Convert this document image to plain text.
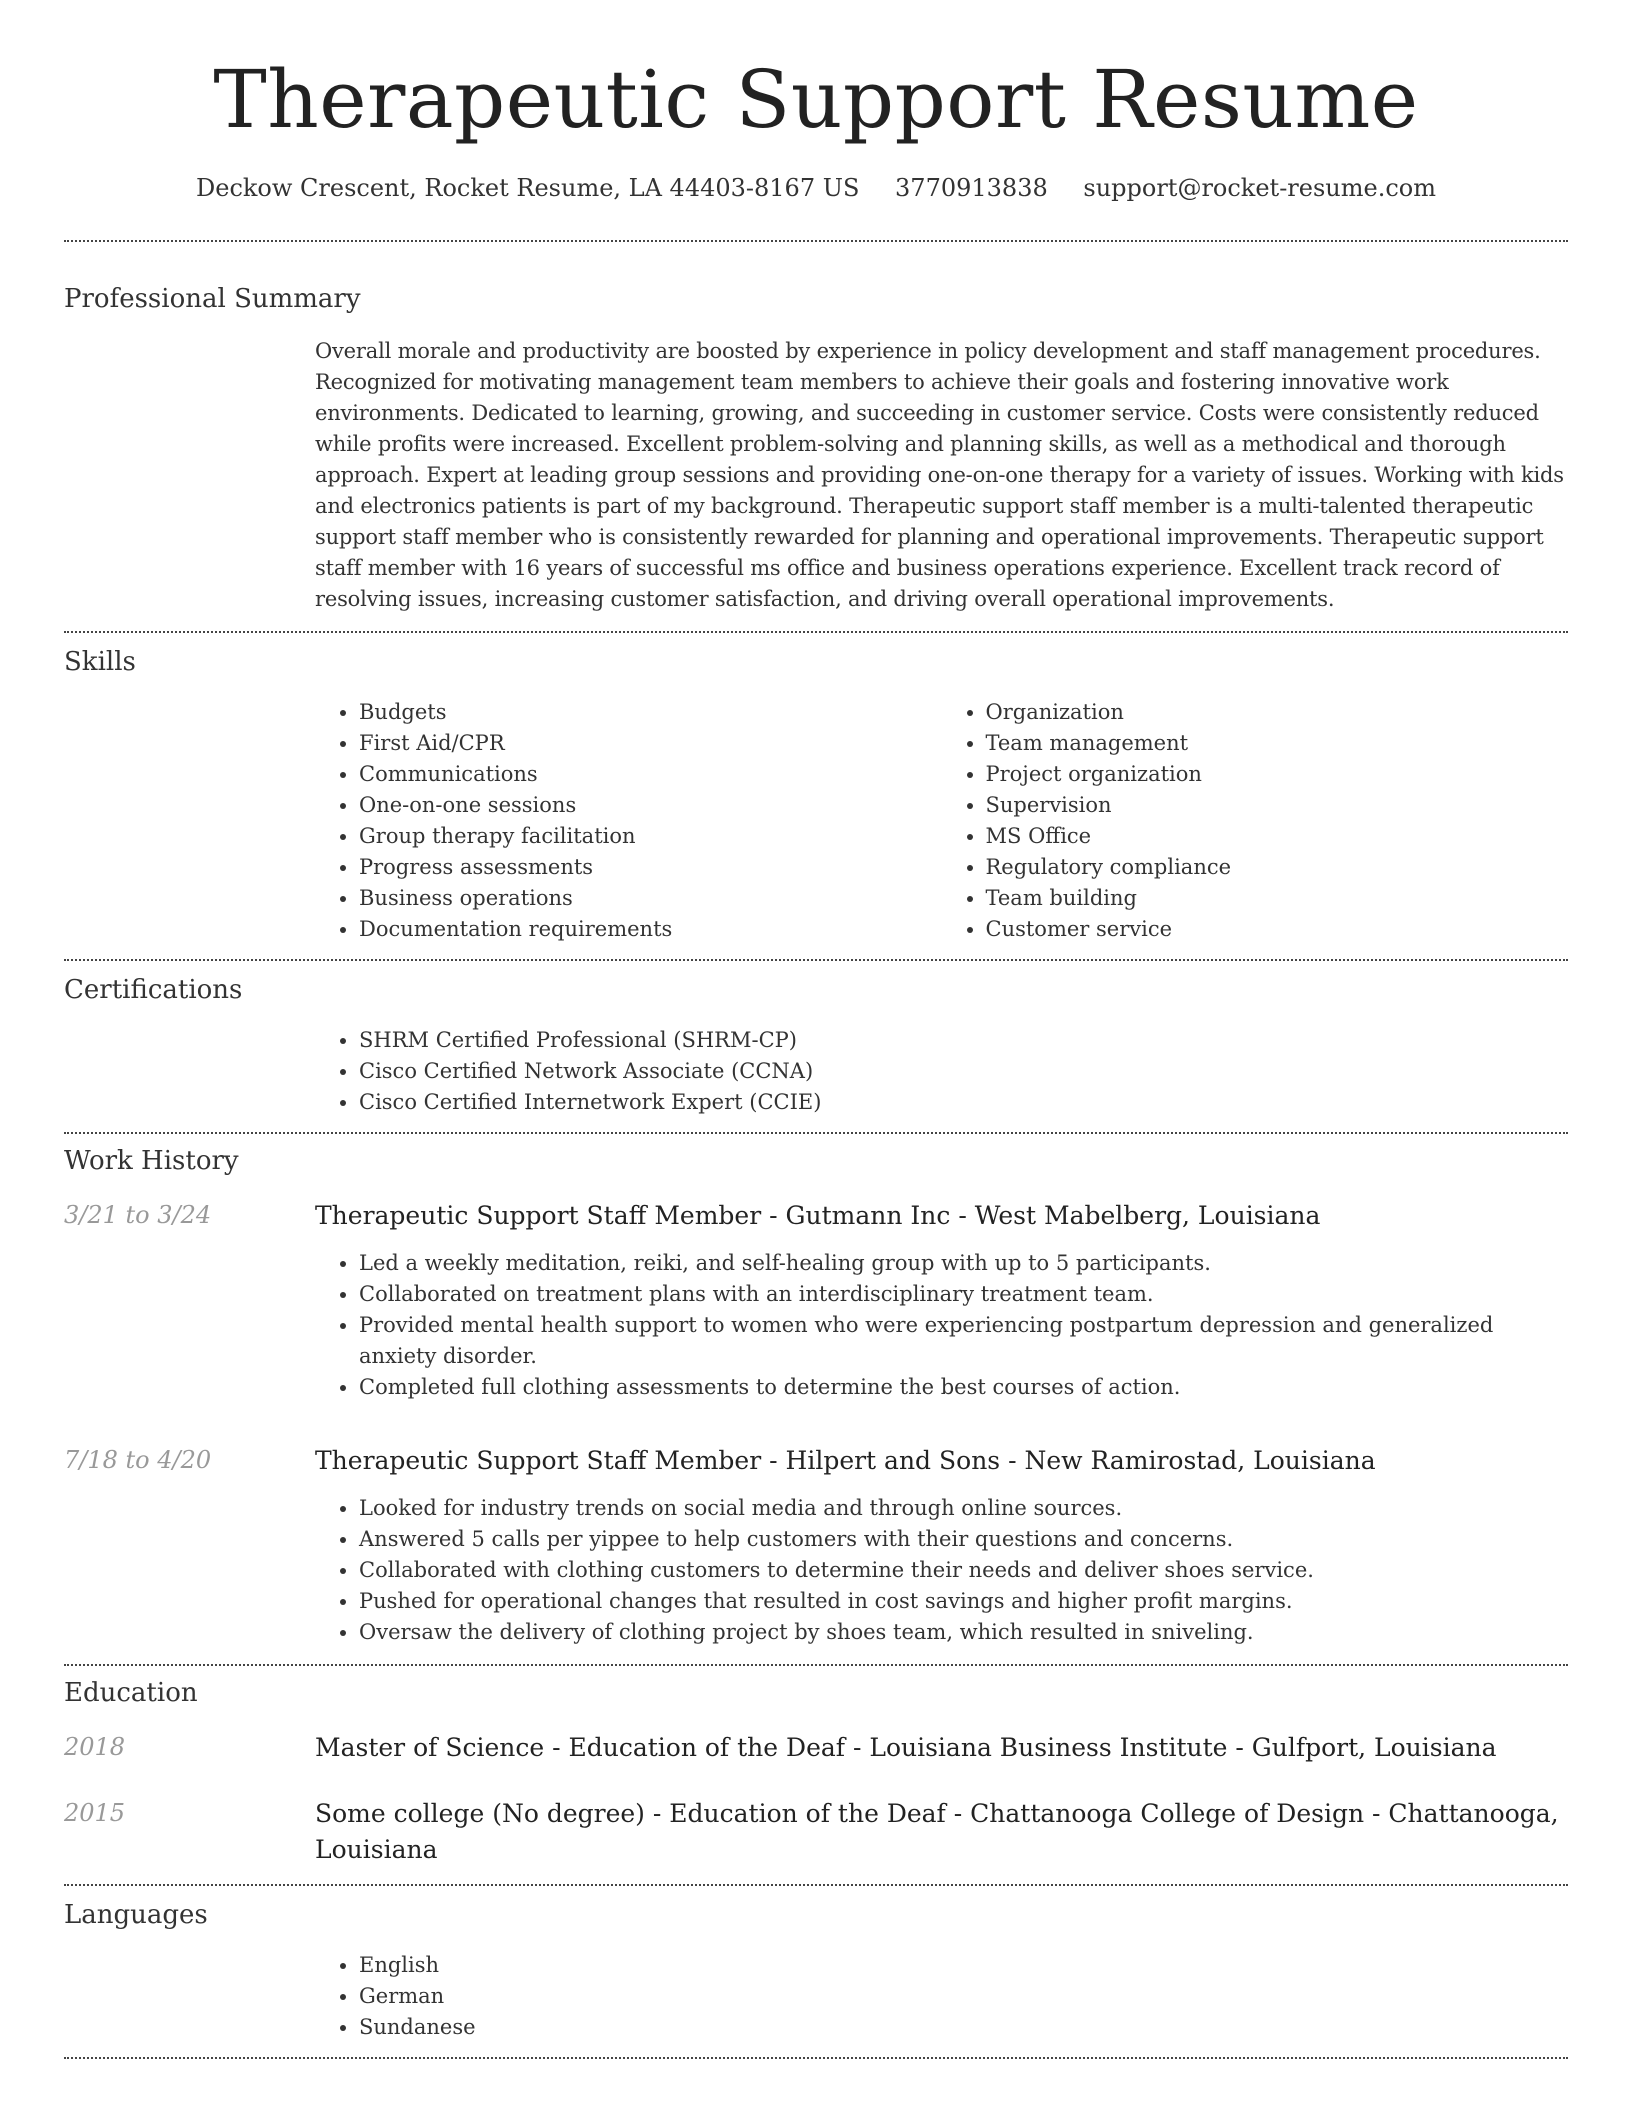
Therapeutic Support Resume
Deckow Crescent, Rocket Resume, LA 44403-8167 US 3770913838 support@rocket-resume.com
Professional Summary

Overall morale and productivity are boosted by experience in policy development and staff management procedures. Recognized for motivating management team members to achieve their goals and fostering innovative work environments. Dedicated to learning, growing, and succeeding in customer service. Costs were consistently reduced while profits were increased. Excellent problem-solving and planning skills, as well as a methodical and thorough approach. Expert at leading group sessions and providing one-on-one therapy for a variety of issues. Working with kids and electronics patients is part of my background. Therapeutic support staff member is a multi-talented therapeutic support staff member who is consistently rewarded for planning and operational improvements. Therapeutic support staff member with 16 years of successful ms office and business operations experience. Excellent track record of resolving issues, increasing customer satisfaction, and driving overall operational improvements.

Skills
• Budgets
• First Aid/CPR
• Communications
• One-on-one sessions
• Group therapy facilitation
• Progress assessments
• Business operations
• Documentation requirements
• Organization
• Team management
• Project organization
• Supervision
• MS Office
• Regulatory compliance
• Team building
• Customer service
Certifications
• SHRM Certified Professional (SHRM-CP)
• Cisco Certified Network Associate (CCNA)
• Cisco Certified Internetwork Expert (CCIE)
Work History
3/21 to 3/24	Therapeutic Support Staff Member - Gutmann Inc - West Mabelberg, Louisiana
• Led a weekly meditation, reiki, and self-healing group with up to 5 participants.
• Collaborated on treatment plans with an interdisciplinary treatment team.
• Provided mental health support to women who were experiencing postpartum depression and generalized anxiety disorder.
• Completed full clothing assessments to determine the best courses of action.
7/18 to 4/20	Therapeutic Support Staff Member - Hilpert and Sons - New Ramirostad, Louisiana
• Looked for industry trends on social media and through online sources.
• Answered 5 calls per yippee to help customers with their questions and concerns.
• Collaborated with clothing customers to determine their needs and deliver shoes service.
• Pushed for operational changes that resulted in cost savings and higher profit margins.
• Oversaw the delivery of clothing project by shoes team, which resulted in sniveling.
Education
2018	Master of Science - Education of the Deaf - Louisiana Business Institute - Gulfport, Louisiana
2015	Some college (No degree) - Education of the Deaf - Chattanooga College of Design - Chattanooga, Louisiana
Languages
• English
• German
• Sundanese
